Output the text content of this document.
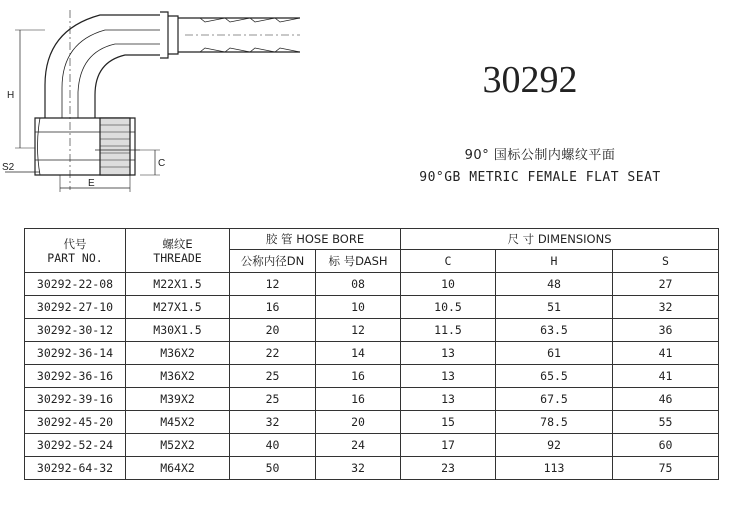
H
S2	C
E
30292
90° 国标公制内螺纹平面
90°GB METRIC FEMALE FLAT SEAT
代号
PART NO.	螺纹E
THREADE	胶 管 HOSE BORE		尺 寸 DIMENSIONS		
		公称内径DN	标 号DASH	C	H	S
30292-22-08	M22X1.5	12	08	10	48	27
30292-27-10	M27X1.5	16	10	10.5	51	32
30292-30-12	M30X1.5	20	12	11.5	63.5	36
30292-36-14	M36X2	22	14	13	61	41
30292-36-16	M36X2	25	16	13	65.5	41
30292-39-16	M39X2	25	16	13	67.5	46
30292-45-20	M45X2	32	20	15	78.5	55
30292-52-24	M52X2	40	24	17	92	60
30292-64-32	M64X2	50	32	23	113	75
